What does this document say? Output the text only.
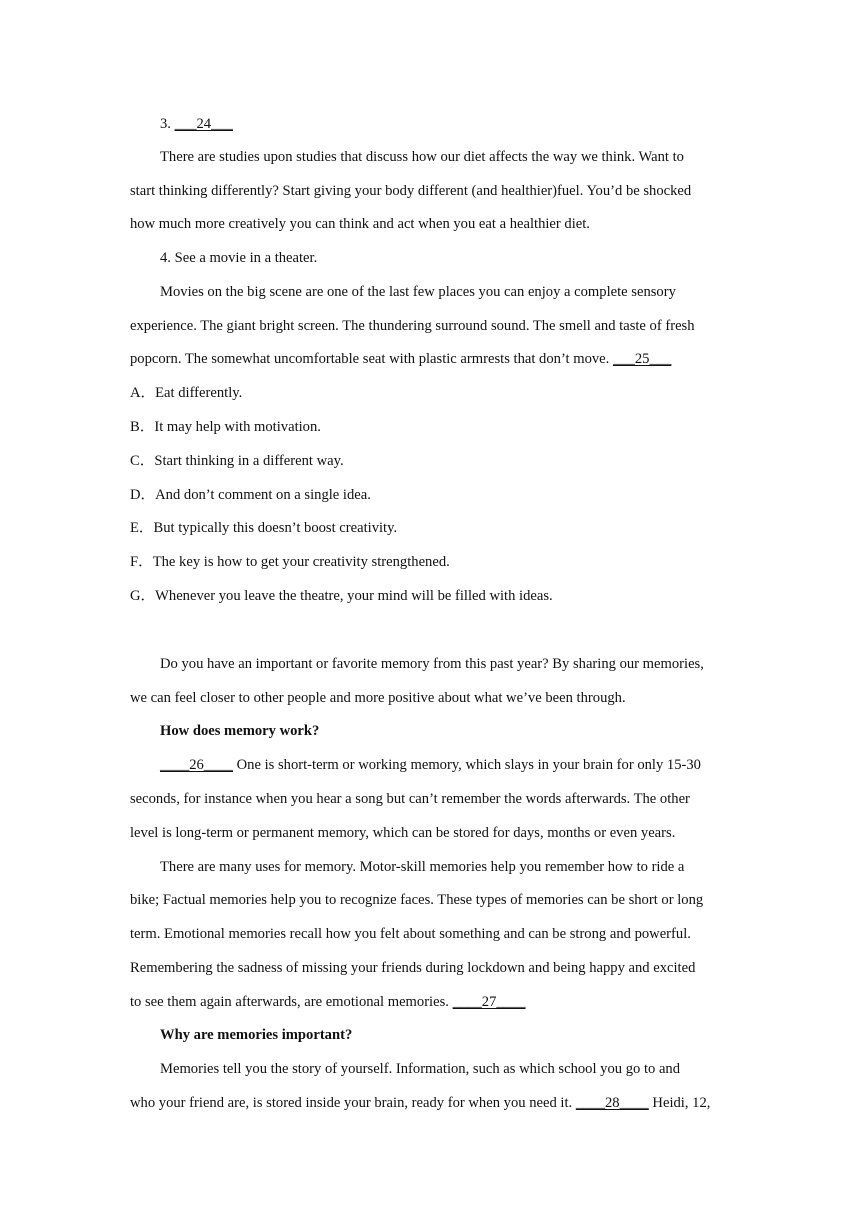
3. ___24___
There are studies upon studies that discuss how our diet affects the way we think. Want to
start thinking differently? Start giving your body different (and healthier)fuel. You’d be shocked
how much more creatively you can think and act when you eat a healthier diet.
4. See a movie in a theater.
Movies on the big scene are one of the last few places you can enjoy a complete sensory
experience. The giant bright screen. The thundering surround sound. The smell and taste of fresh
popcorn. The somewhat uncomfortable seat with plastic armrests that don’t move. ___25___
A．Eat differently.
B．It may help with motivation.
C．Start thinking in a different way.
D．And don’t comment on a single idea.
E．But typically this doesn’t boost creativity.
F．The key is how to get your creativity strengthened.
G．Whenever you leave the theatre, your mind will be filled with ideas.
Do you have an important or favorite memory from this past year? By sharing our memories,
we can feel closer to other people and more positive about what we’ve been through.
How does memory work?
____26____ One is short-term or working memory, which slays in your brain for only 15-30
seconds, for instance when you hear a song but can’t remember the words afterwards. The other
level is long-term or permanent memory, which can be stored for days, months or even years.
There are many uses for memory. Motor-skill memories help you remember how to ride a
bike; Factual memories help you to recognize faces. These types of memories can be short or long
term. Emotional memories recall how you felt about something and can be strong and powerful.
Remembering the sadness of missing your friends during lockdown and being happy and excited
to see them again afterwards, are emotional memories. ____27____
Why are memories important?
Memories tell you the story of yourself. Information, such as which school you go to and
who your friend are, is stored inside your brain, ready for when you need it. ____28____ Heidi, 12,
